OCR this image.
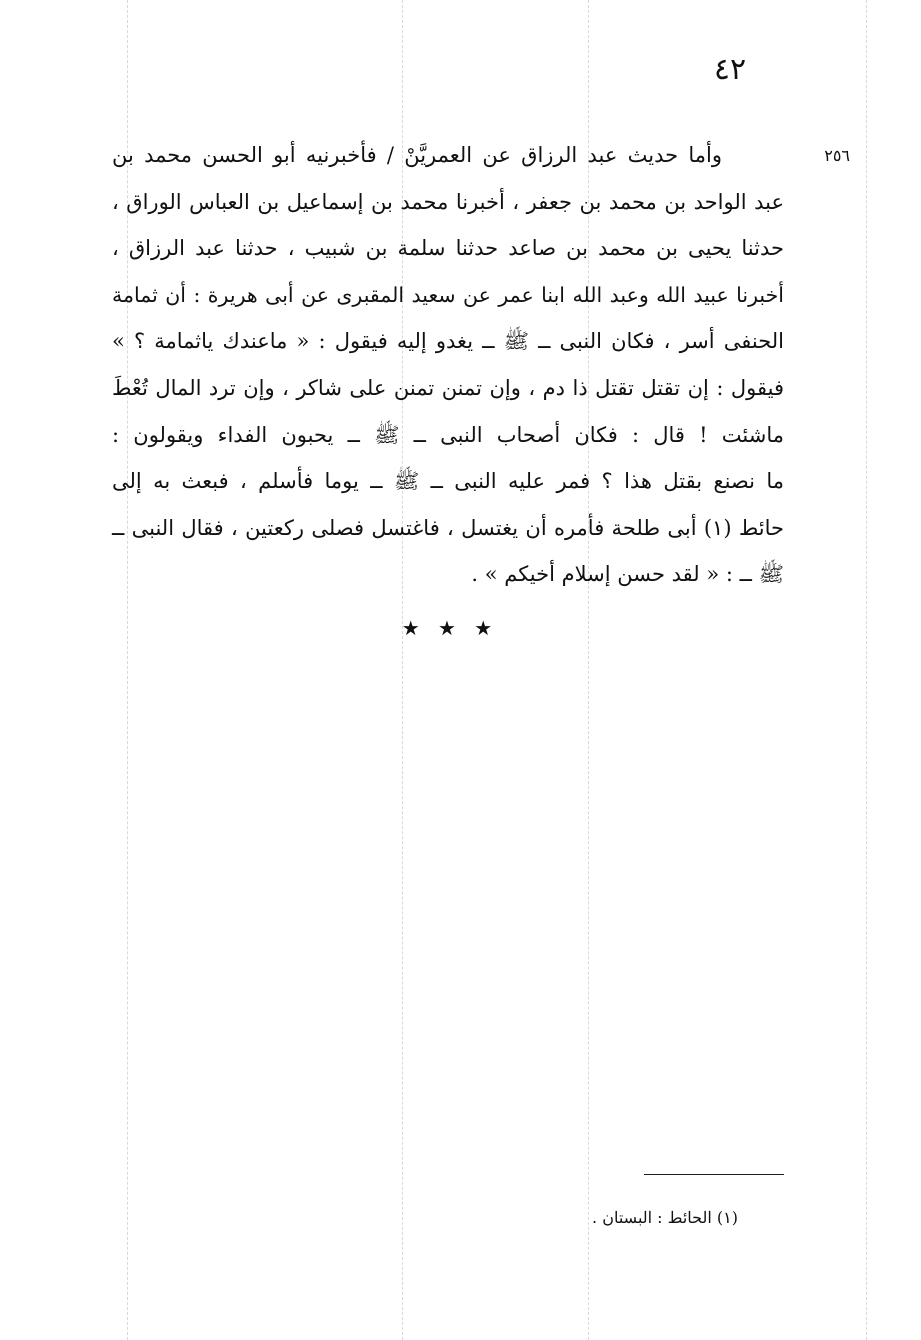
٤٢
٢٥٦
وأما حديث عبد الرزاق عن العمريَّنْ / فأخبرنيه أبو الحسن محمد بن
عبد الواحد بن محمد بن جعفر ، أخبرنا محمد بن إسماعيل بن العباس الوراق ،
حدثنا يحيى بن محمد بن صاعد حدثنا سلمة بن شبيب ، حدثنا عبد الرزاق ،
أخبرنا عبيد الله وعبد الله ابنا عمر عن سعيد المقبرى عن أبى هريرة : أن ثمامة
الحنفى أسر ، فكان النبى ــ ﷺ ــ يغدو إليه فيقول : « ماعندك ياثمامة ؟ »
فيقول : إن تقتل تقتل ذا دم ، وإن تمنن تمنن على شاكر ، وإن ترد المال تُعْطَ
ماشئت ! قال : فكان أصحاب النبى ــ ﷺ ــ يحبون الفداء ويقولون :
ما نصنع بقتل هذا ؟ فمر عليه النبى ــ ﷺ ــ يوما فأسلم ، فبعث به إلى
حائط (١) أبى طلحة فأمره أن يغتسل ، فاغتسل فصلى ركعتين ، فقال النبى ــ
ﷺ ــ : « لقد حسن إسلام أخيكم » .
★ ★ ★
(١) الحائط : البستان .
